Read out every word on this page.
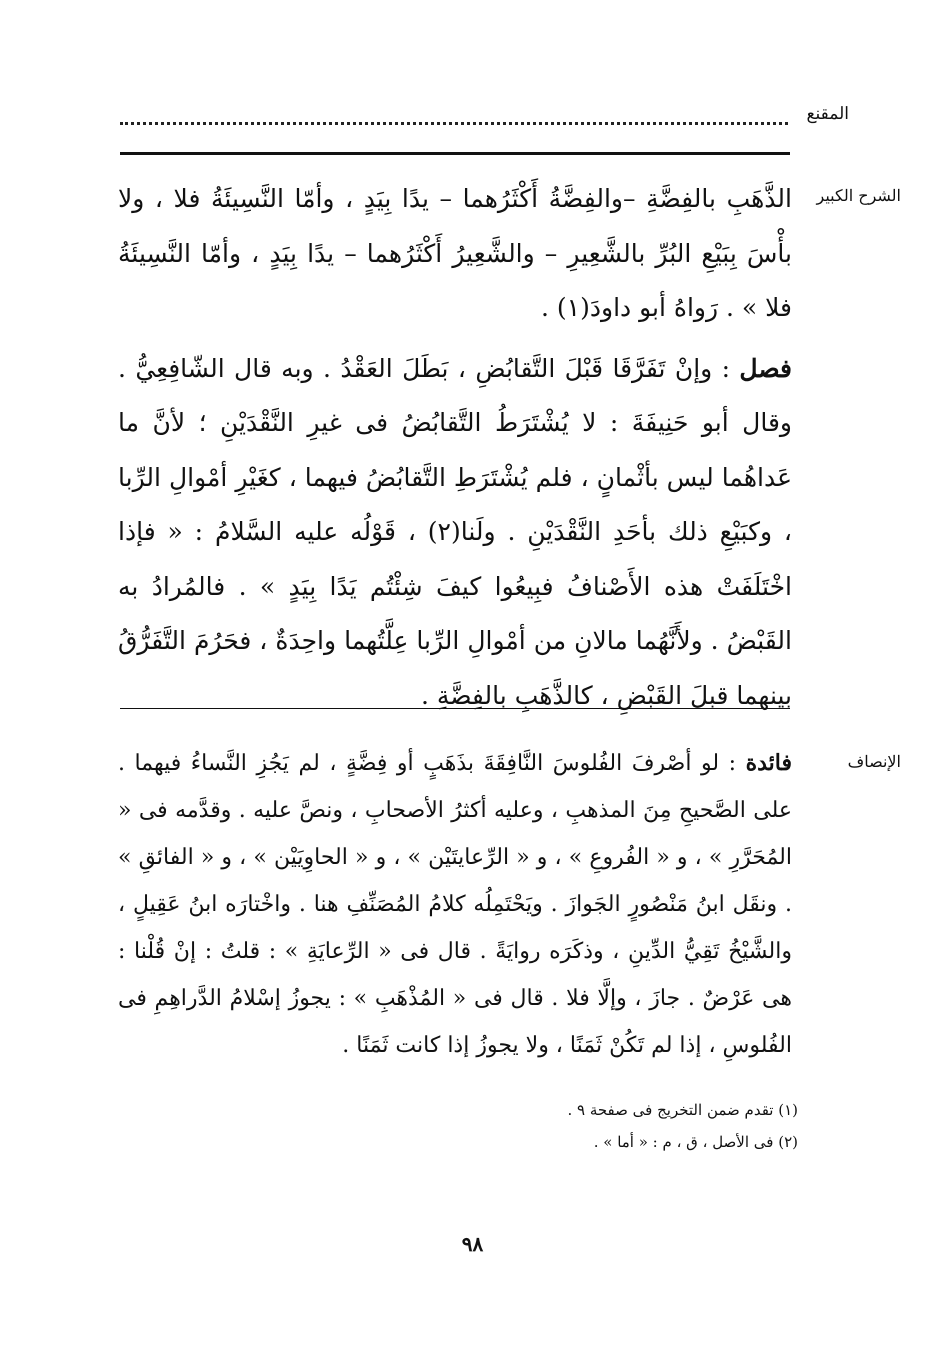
المقنع
الشرح الكبير

الذَّهَبِ بالفِضَّةِ –والفِضَّةُ أَكْثَرُهما – يدًا بِيَدٍ ، وأمّا النَّسِيئَةُ فلا ، ولا بأْسَ بِبَيْعِ البُرِّ بالشَّعِيرِ – والشَّعِيرُ أَكْثَرُهما – يدًا بِيَدٍ ، وأمّا النَّسِيئَةُ فلا » . رَواهُ أبو داودَ(١) .

فصل : وإنْ تَفَرَّقَا قَبْلَ التَّقابُضِ ، بَطَلَ العَقْدُ . وبه قال الشّافِعِيُّ . وقال أبو حَنِيفَةَ : لا يُشْتَرَطُ التَّقابُضُ فى غيرِ النَّقْدَيْنِ ؛ لأنَّ ما عَداهُما ليس بأثْمانٍ ، فلم يُشْتَرَطِ التَّقابُضُ فيهما ، كغَيْرِ أمْوالِ الرِّبا ، وكبَيْعِ ذلك بأحَدِ النَّقْدَيْنِ . ولَنا(٢) ، قَوْلُه عليه السَّلامُ : « فإذا اخْتَلَفَتْ هذه الأَصْنافُ فبِيعُوا كيفَ شِئْتُم يَدًا بِيَدٍ » . فالمُرادُ به القَبْضُ . ولأَنَّهُما مالانِ من أمْوالِ الرِّبا عِلَّتُهما واحِدَةٌ ، فحَرُمَ التَّفَرُّقُ بينهما قبلَ القَبْضِ ، كالذَّهَبِ بالفِضَّةِ .

الإنصاف

فائدة : لو أصْرفَ الفُلوسَ النَّافِقَةَ بذَهَبٍ أو فِضَّةٍ ، لم يَجُزِ النَّساءُ فيهما . على الصَّحيحِ مِنَ المذهبِ ، وعليه أكثرُ الأصحابِ ، ونصَّ عليه . وقدَّمه فى « المُحَرَّرِ » ، و « الفُروعِ » ، و « الرِّعايتَيْن » ، و « الحاوِيَيْن » ، و « الفائقِ » . ونقَل ابنُ مَنْصُورٍ الجَوازَ . ويَحْتَمِلُه كلامُ المُصَنِّفِ هنا . واخْتارَه ابنُ عَقِيلٍ ، والشَّيْخُ تَقِيُّ الدِّينِ ، وذكَرَه روايَةً . قال فى « الرِّعايَةِ » : قلتُ : إنْ قُلْنا : هى عَرْضٌ . جازَ ، وإلَّا فلا . قال فى « المُذْهَبِ » : يجوزُ إسْلامُ الدَّراهِمِ فى الفُلوسِ ، إذا لم تَكُنْ ثَمَنًا ، ولا يجوزُ إذا كانت ثَمَنًا .

(١) تقدم ضمن التخريج فى صفحة ٩ .
(٢) فى الأصل ، ق ، م : « أما » .
٩٨
